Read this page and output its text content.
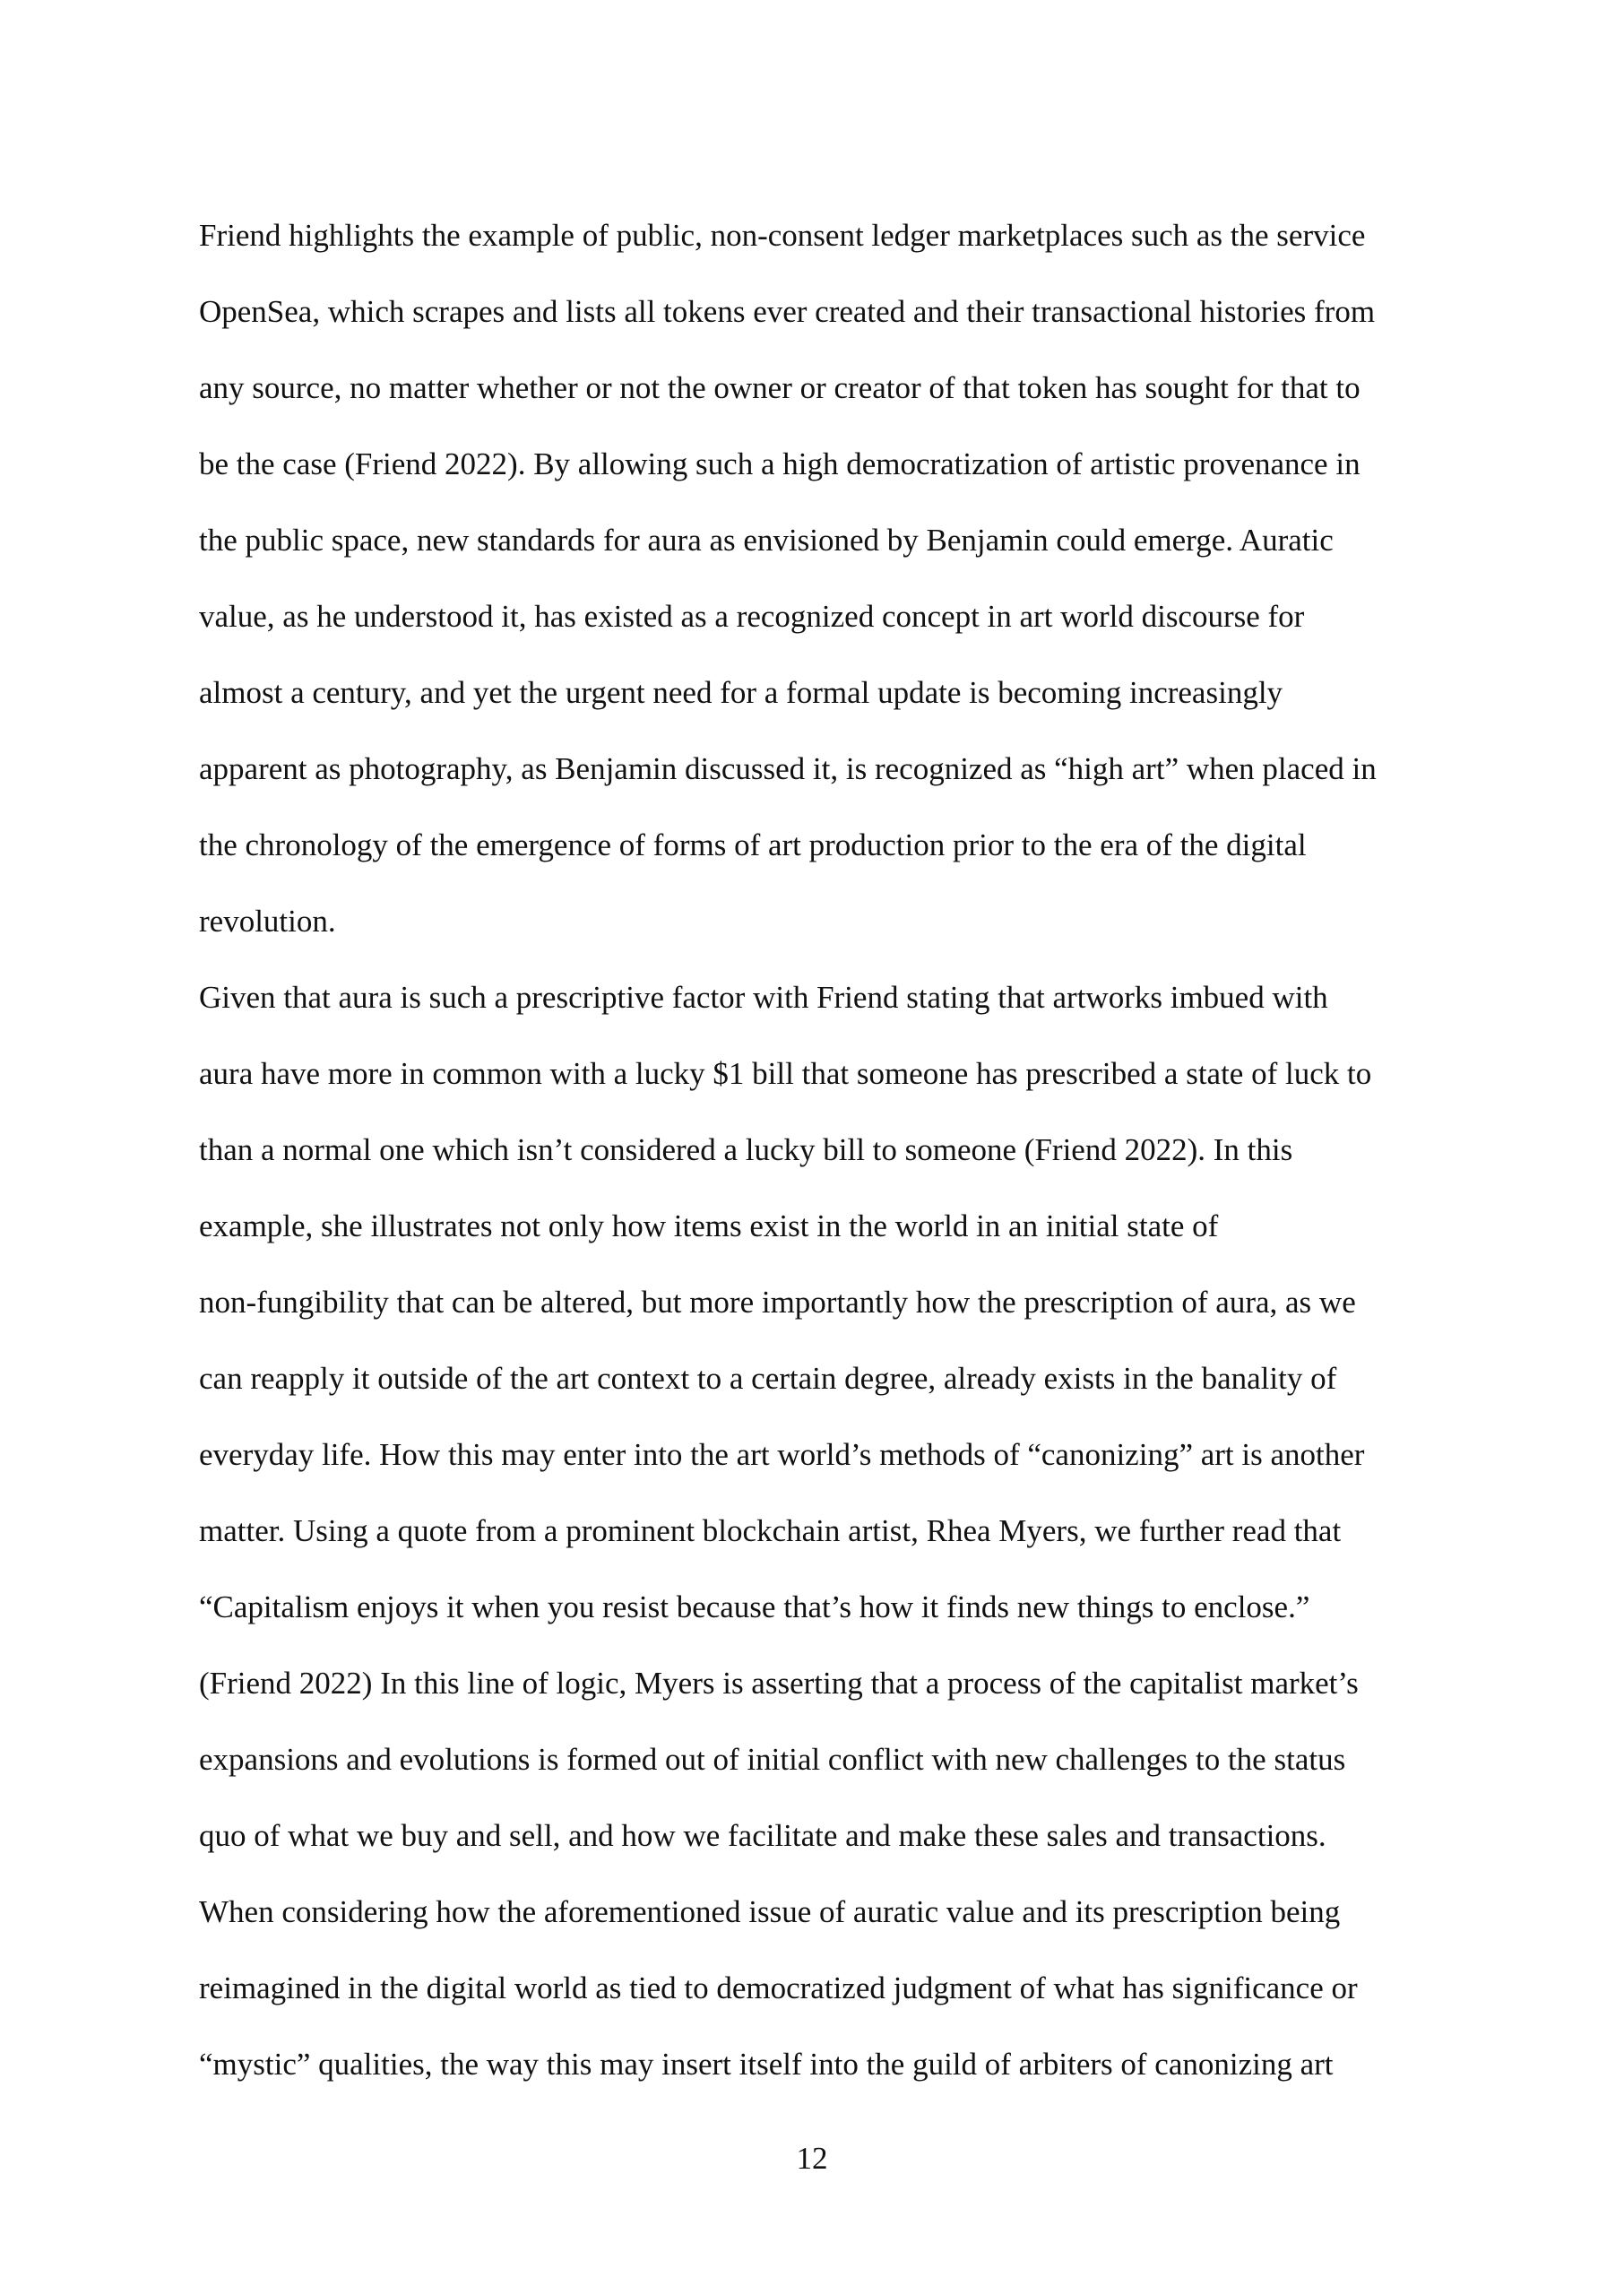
Friend highlights the example of public, non-consent ledger marketplaces such as the service
OpenSea, which scrapes and lists all tokens ever created and their transactional histories from
any source, no matter whether or not the owner or creator of that token has sought for that to
be the case (Friend 2022). By allowing such a high democratization of artistic provenance in
the public space, new standards for aura as envisioned by Benjamin could emerge. Auratic
value, as he understood it, has existed as a recognized concept in art world discourse for
almost a century, and yet the urgent need for a formal update is becoming increasingly
apparent as photography, as Benjamin discussed it, is recognized as “high art” when placed in
the chronology of the emergence of forms of art production prior to the era of the digital
revolution.
Given that aura is such a prescriptive factor with Friend stating that artworks imbued with
aura have more in common with a lucky $1 bill that someone has prescribed a state of luck to
than a normal one which isn’t considered a lucky bill to someone (Friend 2022). In this
example, she illustrates not only how items exist in the world in an initial state of
non-fungibility that can be altered, but more importantly how the prescription of aura, as we
can reapply it outside of the art context to a certain degree, already exists in the banality of
everyday life. How this may enter into the art world’s methods of “canonizing” art is another
matter. Using a quote from a prominent blockchain artist, Rhea Myers, we further read that
“Capitalism enjoys it when you resist because that’s how it finds new things to enclose.”
(Friend 2022) In this line of logic, Myers is asserting that a process of the capitalist market’s
expansions and evolutions is formed out of initial conflict with new challenges to the status
quo of what we buy and sell, and how we facilitate and make these sales and transactions.
When considering how the aforementioned issue of auratic value and its prescription being
reimagined in the digital world as tied to democratized judgment of what has significance or
“mystic” qualities, the way this may insert itself into the guild of arbiters of canonizing art
12
